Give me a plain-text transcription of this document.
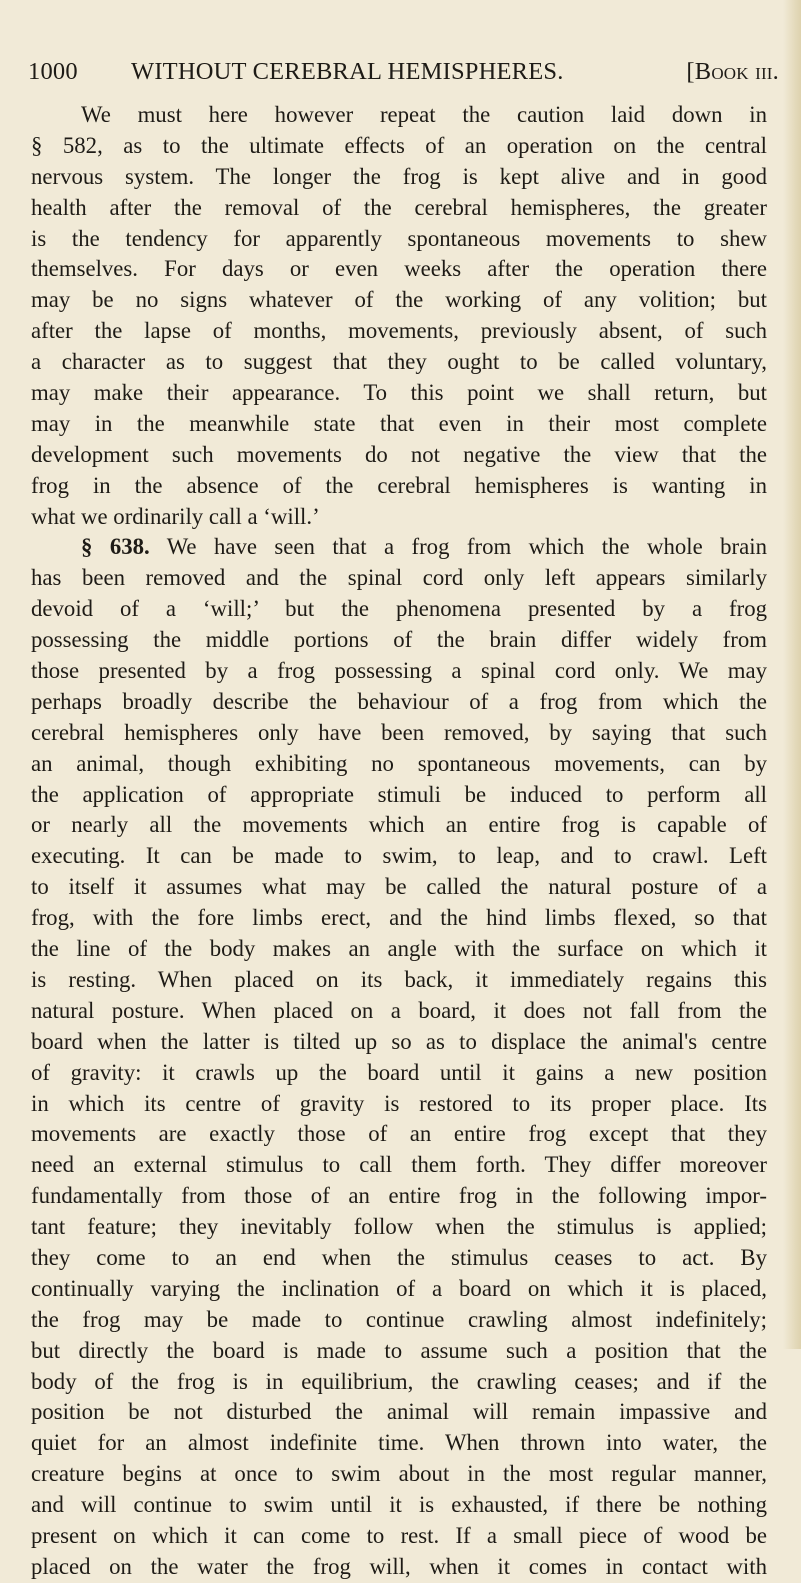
1000 WITHOUT CEREBRAL HEMISPHERES.	[Book iii.
We must here however repeat the caution laid down in
§ 582, as to the ultimate effects of an operation on the central
nervous system. The longer the frog is kept alive and in good
health after the removal of the cerebral hemispheres, the greater
is the tendency for apparently spontaneous movements to shew
themselves. For days or even weeks after the operation there
may be no signs whatever of the working of any volition; but
after the lapse of months, movements, previously absent, of such
a character as to suggest that they ought to be called voluntary,
may make their appearance. To this point we shall return, but
may in the meanwhile state that even in their most complete
development such movements do not negative the view that the
frog in the absence of the cerebral hemispheres is wanting in
what we ordinarily call a ‘will.’
§ 638. We have seen that a frog from which the whole brain
has been removed and the spinal cord only left appears similarly
devoid of a ‘will;’ but the phenomena presented by a frog
possessing the middle portions of the brain differ widely from
those presented by a frog possessing a spinal cord only. We may
perhaps broadly describe the behaviour of a frog from which the
cerebral hemispheres only have been removed, by saying that such
an animal, though exhibiting no spontaneous movements, can by
the application of appropriate stimuli be induced to perform all
or nearly all the movements which an entire frog is capable of
executing. It can be made to swim, to leap, and to crawl. Left
to itself it assumes what may be called the natural posture of a
frog, with the fore limbs erect, and the hind limbs flexed, so that
the line of the body makes an angle with the surface on which it
is resting. When placed on its back, it immediately regains this
natural posture. When placed on a board, it does not fall from the
board when the latter is tilted up so as to displace the animal's centre
of gravity: it crawls up the board until it gains a new position
in which its centre of gravity is restored to its proper place. Its
movements are exactly those of an entire frog except that they
need an external stimulus to call them forth. They differ moreover
fundamentally from those of an entire frog in the following impor-
tant feature; they inevitably follow when the stimulus is applied;
they come to an end when the stimulus ceases to act. By
continually varying the inclination of a board on which it is placed,
the frog may be made to continue crawling almost indefinitely;
but directly the board is made to assume such a position that the
body of the frog is in equilibrium, the crawling ceases; and if the
position be not disturbed the animal will remain impassive and
quiet for an almost indefinite time. When thrown into water, the
creature begins at once to swim about in the most regular manner,
and will continue to swim until it is exhausted, if there be nothing
present on which it can come to rest. If a small piece of wood be
placed on the water the frog will, when it comes in contact with
